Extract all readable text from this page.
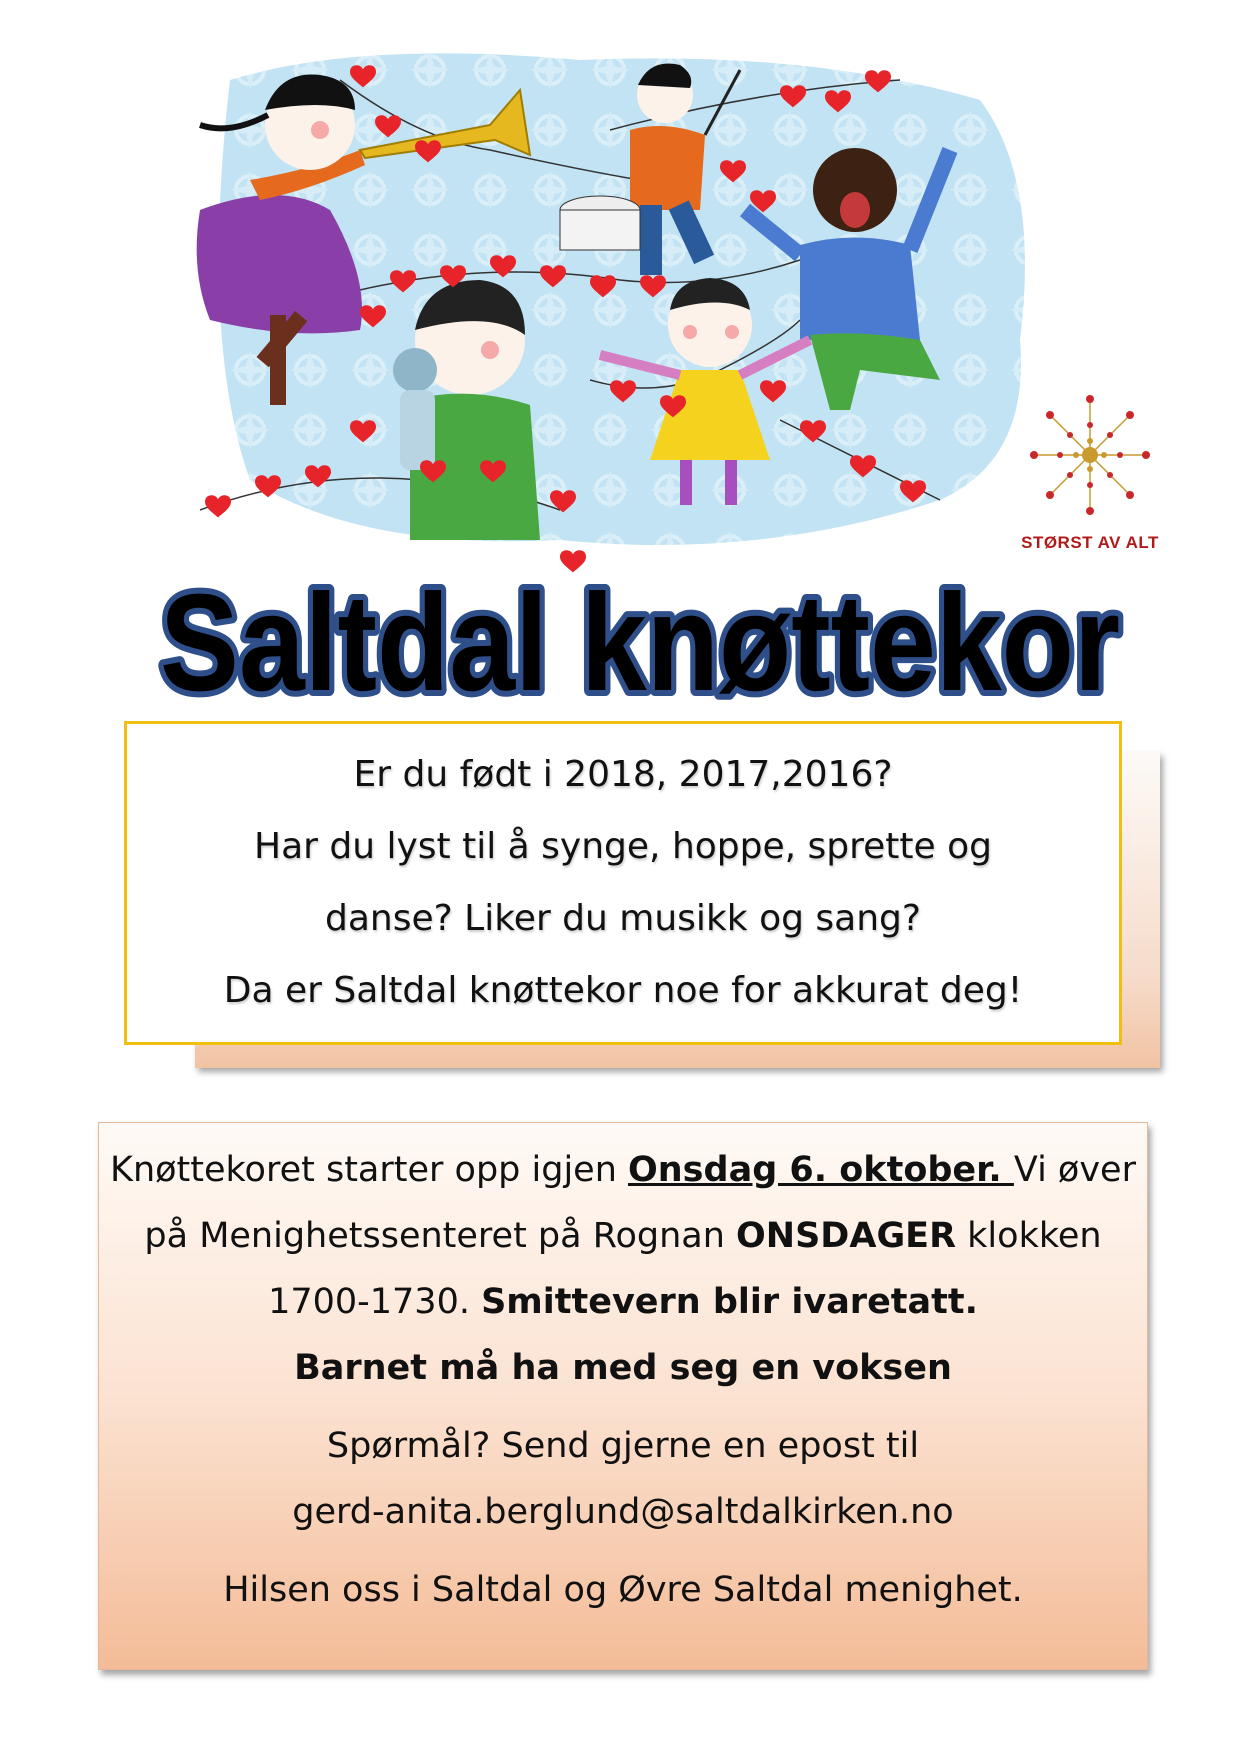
STØRST AV ALT
Saltdal knøttekor
Saltdal knøttekor

Er du født i 2018, 2017,2016?

Har du lyst til å synge, hoppe, sprette og

danse? Liker du musikk og sang?

Da er Saltdal knøttekor noe for akkurat deg!

Knøttekoret starter opp igjen Onsdag 6. oktober. Vi øver
på Menighetssenteret på Rognan ONSDAGER klokken
1700-1730. Smittevern blir ivaretatt.
Barnet må ha med seg en voksen
Spørmål? Send gjerne en epost til
gerd-anita.berglund@saltdalkirken.no
Hilsen oss i Saltdal og Øvre Saltdal menighet.
